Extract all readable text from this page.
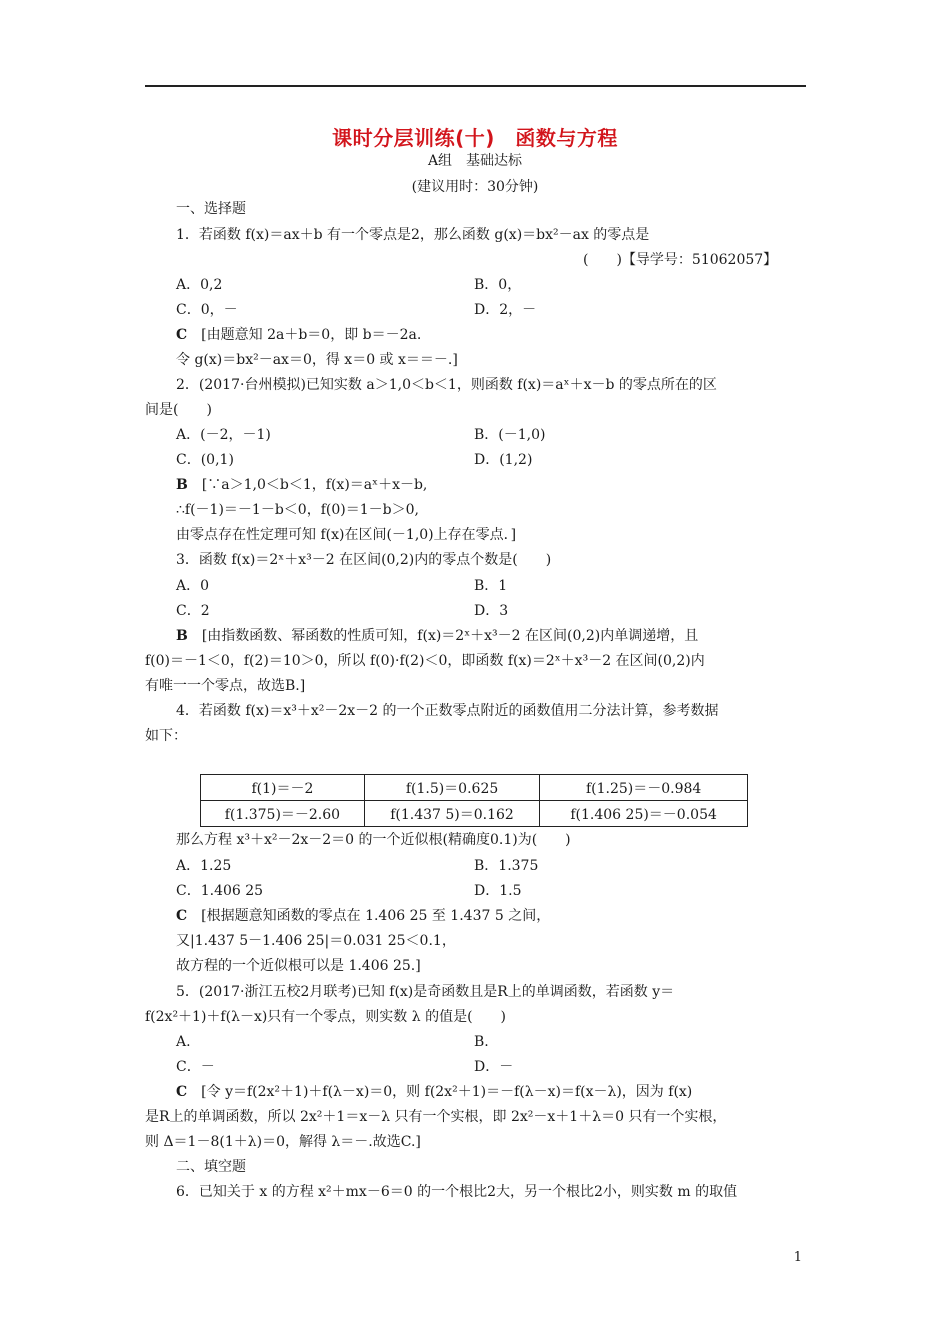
课时分层训练(十)　函数与方程
A组　基础达标
(建议用时：30分钟)
一、选择题
1．若函数 f(x)＝ax＋b 有一个零点是2，那么函数 g(x)＝bx²－ax 的零点是
(　　)【导学号：51062057】
A．0,2	B．0，
C．0，－	D．2，－
C　[由题意知 2a＋b＝0，即 b＝－2a.
令 g(x)＝bx²－ax＝0，得 x＝0 或 x＝＝－.]
2．(2017·台州模拟)已知实数 a＞1,0＜b＜1，则函数 f(x)＝aˣ＋x－b 的零点所在的区
间是(　　)
A．(－2，－1)	B．(－1,0)
C．(0,1)	D．(1,2)
B　[∵a＞1,0＜b＜1，f(x)＝aˣ＋x－b,
∴f(－1)＝－1－b＜0，f(0)＝1－b＞0,
由零点存在性定理可知 f(x)在区间(－1,0)上存在零点．]
3．函数 f(x)＝2ˣ＋x³－2 在区间(0,2)内的零点个数是(　　)
A．0	B．1
C．2	D．3
B　[由指数函数、幂函数的性质可知，f(x)＝2ˣ＋x³－2 在区间(0,2)内单调递增，且
f(0)＝－1＜0，f(2)＝10＞0，所以 f(0)·f(2)＜0，即函数 f(x)＝2ˣ＋x³－2 在区间(0,2)内
有唯一一个零点，故选B.]
4．若函数 f(x)＝x³＋x²－2x－2 的一个正数零点附近的函数值用二分法计算，参考数据
如下：
f(1)＝－2	f(1.5)＝0.625	f(1.25)＝－0.984
f(1.375)＝－2.60	f(1.437 5)＝0.162	f(1.406 25)＝－0.054
那么方程 x³＋x²－2x－2＝0 的一个近似根(精确度0.1)为(　　)
A．1.25	B．1.375
C．1.406 25	D．1.5
C　[根据题意知函数的零点在 1.406 25 至 1.437 5 之间，
又|1.437 5－1.406 25|＝0.031 25＜0.1，
故方程的一个近似根可以是 1.406 25.]
5．(2017·浙江五校2月联考)已知 f(x)是奇函数且是R上的单调函数，若函数 y＝
f(2x²＋1)＋f(λ－x)只有一个零点，则实数 λ 的值是(　　)
A.	B.
C．－	D．－
C　[令 y＝f(2x²＋1)＋f(λ－x)＝0，则 f(2x²＋1)＝－f(λ－x)＝f(x－λ)，因为 f(x)
是R上的单调函数，所以 2x²＋1＝x－λ 只有一个实根，即 2x²－x＋1＋λ＝0 只有一个实根，
则 Δ＝1－8(1＋λ)＝0，解得 λ＝－.故选C.]
二、填空题
6．已知关于 x 的方程 x²＋mx－6＝0 的一个根比2大，另一个根比2小，则实数 m 的取值
1
